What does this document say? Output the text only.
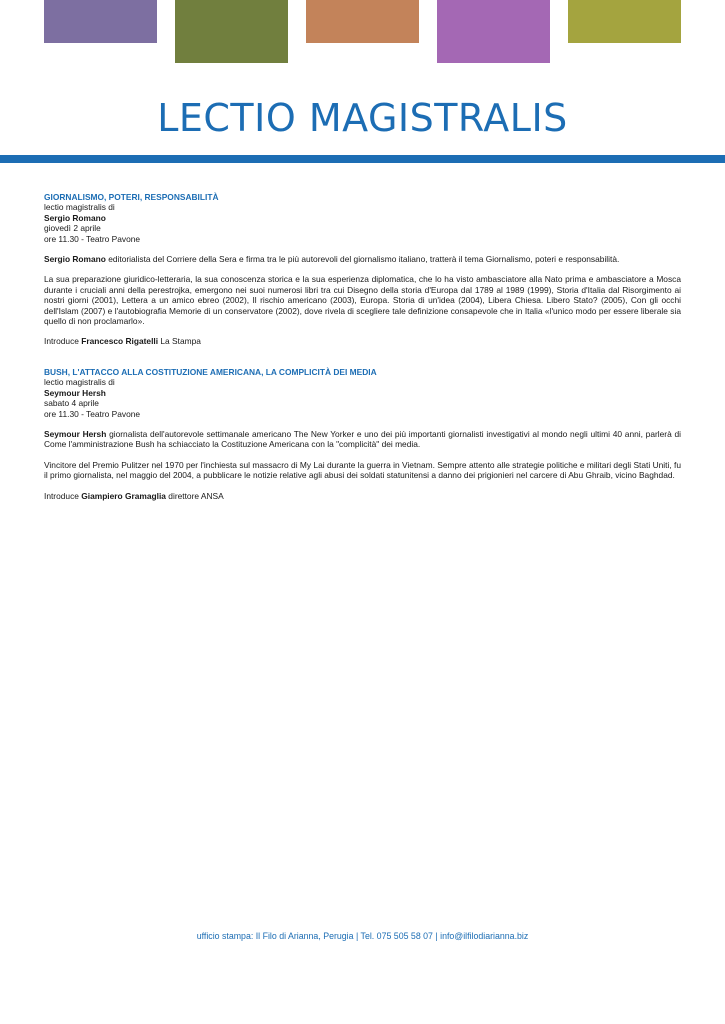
LECTIO MAGISTRALIS
GIORNALISMO, POTERI, RESPONSABILITÀ
lectio magistralis di
Sergio Romano
giovedì 2 aprile
ore 11.30 - Teatro Pavone

Sergio Romano editorialista del Corriere della Sera e firma tra le più autorevoli del giornalismo italiano, tratterà il tema Giornalismo, poteri e responsabilità.

La sua preparazione giuridico-letteraria, la sua conoscenza storica e la sua esperienza diplomatica, che lo ha visto ambasciatore alla Nato prima e ambasciatore a Mosca durante i cruciali anni della perestrojka, emergono nei suoi numerosi libri tra cui Disegno della storia d'Europa dal 1789 al 1989 (1999), Storia d'Italia dal Risorgimento ai nostri giorni (2001), Lettera a un amico ebreo (2002), Il rischio americano (2003), Europa. Storia di un'idea (2004), Libera Chiesa. Libero Stato? (2005), Con gli occhi dell'Islam (2007) e l'autobiografia Memorie di un conservatore (2002), dove rivela di scegliere tale definizione consapevole che in Italia «l'unico modo per essere liberale sia quello di non proclamarlo».

Introduce Francesco Rigatelli La Stampa

BUSH, L'ATTACCO ALLA COSTITUZIONE AMERICANA, LA COMPLICITÀ DEI MEDIA
lectio magistralis di
Seymour Hersh
sabato 4 aprile
ore 11.30 - Teatro Pavone

Seymour Hersh giornalista dell'autorevole settimanale americano The New Yorker e uno dei più importanti giornalisti investigativi al mondo negli ultimi 40 anni, parlerà di Come l'amministrazione Bush ha schiacciato la Costituzione Americana con la "complicità" dei media.

Vincitore del Premio Pulitzer nel 1970 per l'inchiesta sul massacro di My Lai durante la guerra in Vietnam. Sempre attento alle strategie politiche e militari degli Stati Uniti, fu il primo giornalista, nel maggio del 2004, a pubblicare le notizie relative agli abusi dei soldati statunitensi a danno dei prigionieri nel carcere di Abu Ghraib, vicino Baghdad.

Introduce Giampiero Gramaglia direttore ANSA

ufficio stampa: Il Filo di Arianna, Perugia | Tel. 075 505 58 07 | info@ilfilodiarianna.biz
